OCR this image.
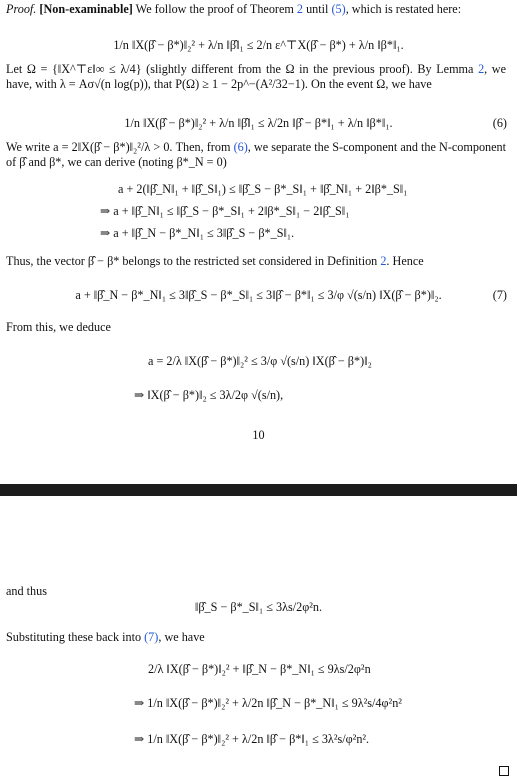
Proof. [Non-examinable] We follow the proof of Theorem 2 until (5), which is restated here:

1/n ‖X(β̂ − β*)‖₂² + λ/n ‖β̂‖₁ ≤ 2/n ε^⊤X(β̂ − β*) + λ/n ‖β*‖₁.

Let Ω = {‖X^⊤ε‖∞ ≤ λ/4} (slightly different from the Ω in the previous proof). By Lemma 2, we have, with λ = Aσ√(n log(p)), that P(Ω) ≥ 1 − 2p^−(A²/32−1). On the event Ω, we have

1/n ‖X(β̂ − β*)‖₂² + λ/n ‖β̂‖₁ ≤ λ/2n ‖β̂ − β*‖₁ + λ/n ‖β*‖₁.	(6)

We write a = 2‖X(β̂ − β*)‖₂²/λ > 0. Then, from (6), we separate the S-component and the N-component of β̂ and β*, we can derive (noting β*_N = 0)

a + 2(‖β̂_N‖₁ + ‖β̂_S‖₁) ≤ ‖β̂_S − β*_S‖₁ + ‖β̂_N‖₁ + 2‖β*_S‖₁
⇒ a + ‖β̂_N‖₁ ≤ ‖β̂_S − β*_S‖₁ + 2‖β*_S‖₁ − 2‖β̂_S‖₁
⇒ a + ‖β̂_N − β*_N‖₁ ≤ 3‖β̂_S − β*_S‖₁.

Thus, the vector β̂ − β* belongs to the restricted set considered in Definition 2. Hence

a + ‖β̂_N − β*_N‖₁ ≤ 3‖β̂_S − β*_S‖₁ ≤ 3‖β̂ − β*‖₁ ≤ 3/φ √(s/n) ‖X(β̂ − β*)‖₂.	(7)

From this, we deduce

a = 2/λ ‖X(β̂ − β*)‖₂² ≤ 3/φ √(s/n) ‖X(β̂ − β*)‖₂
⇒ ‖X(β̂ − β*)‖₂ ≤ 3λ/2φ √(s/n),
10

and thus

‖β̂_S − β*_S‖₁ ≤ 3λs/2φ²n.

Substituting these back into (7), we have

2/λ ‖X(β̂ − β*)‖₂² + ‖β̂_N − β*_N‖₁ ≤ 9λs/2φ²n
⇒ 1/n ‖X(β̂ − β*)‖₂² + λ/2n ‖β̂_N − β*_N‖₁ ≤ 9λ²s/4φ²n²
⇒ 1/n ‖X(β̂ − β*)‖₂² + λ/2n ‖β̂ − β*‖₁ ≤ 3λ²s/φ²n².
